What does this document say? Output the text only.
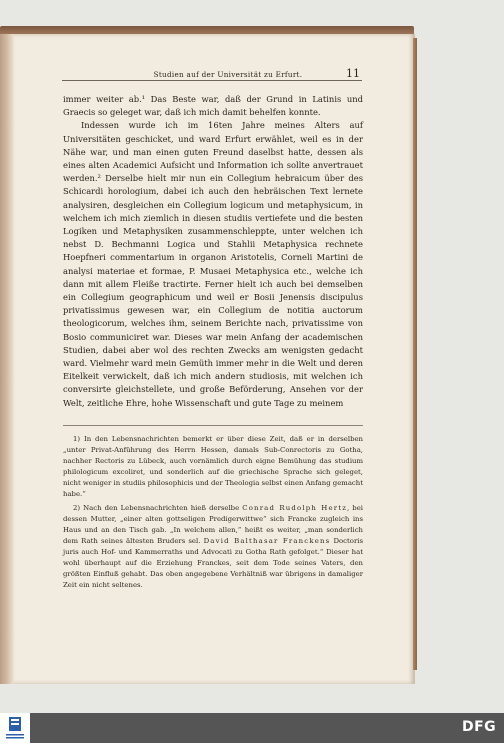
Studien auf der Universität zu Erfurt.	11

immer weiter ab.¹ Das Beste war, daß der Grund in Latinis und Graecis so geleget war, daß ich mich damit behelfen konnte.

Indessen wurde ich im 16ten Jahre meines Alters auf Universitäten geschicket, und ward Erfurt erwählet, weil es in der Nähe war, und man einen guten Freund daselbst hatte, dessen als eines alten Academici Aufsicht und Information ich sollte anvertrauet werden.² Derselbe hielt mir nun ein Collegium hebraicum über des Schicardi horologium, dabei ich auch den hebräischen Text lernete analysiren, desgleichen ein Collegium logicum und metaphysicum, in welchem ich mich ziemlich in diesen studiis vertiefete und die besten Logiken und Metaphysiken zusammenschleppte, unter welchen ich nebst D. Bechmanni Logica und Stahlii Metaphysica rechnete Hoepfneri commentarium in organon Aristotelis, Corneli Martini de analysi materiae et formae, P. Musaei Metaphysica etc., welche ich dann mit allem Fleiße tractirte. Ferner hielt ich auch bei demselben ein Collegium geographicum und weil er Bosii Jenensis discipulus privatissimus gewesen war, ein Collegium de notitia auctorum theologicorum, welches ihm, seinem Berichte nach, privatissime von Bosio communiciret war. Dieses war mein Anfang der academischen Studien, dabei aber wol des rechten Zwecks am wenigsten gedacht ward. Vielmehr ward mein Gemüth immer mehr in die Welt und deren Eitelkeit verwickelt, daß ich mich andern studiosis, mit welchen ich conversirte gleichstellete, und große Beförderung, Ansehen vor der Welt, zeitliche Ehre, hohe Wissenschaft und gute Tage zu meinem

1) In den Lebensnachrichten bemerkt er über diese Zeit, daß er in derselben „unter Privat-Anführung des Herrn Hessen, damals Sub-Conrectoris zu Gotha, nachher Rectoris zu Lübeck, auch vornämlich durch eigne Bemühung das studium philologicum excoliret, und sonderlich auf die griechische Sprache sich geleget, nicht weniger in studiis philosophicis und der Theologia selbst einen Anfang gemacht habe.“

2) Nach den Lebensnachrichten hieß derselbe Conrad Rudolph Hertz, bei dessen Mutter, „einer alten gottseligen Predigerwittwe“ sich Francke zugleich ins Haus und an den Tisch gab. „In welchem allen,“ heißt es weiter, „man sonderlich dem Rath seines ältesten Bruders sel. David Balthasar Franckens Doctoris juris auch Hof- und Kammerraths und Advocati zu Gotha Rath gefolget.“ Dieser hat wohl überhaupt auf die Erziehung Franckes, seit dem Tode seines Vaters, den größten Einfluß gehabt. Das oben angegebene Verhältniß war übrigens in damaliger Zeit ein nicht seltenes.

DFG
